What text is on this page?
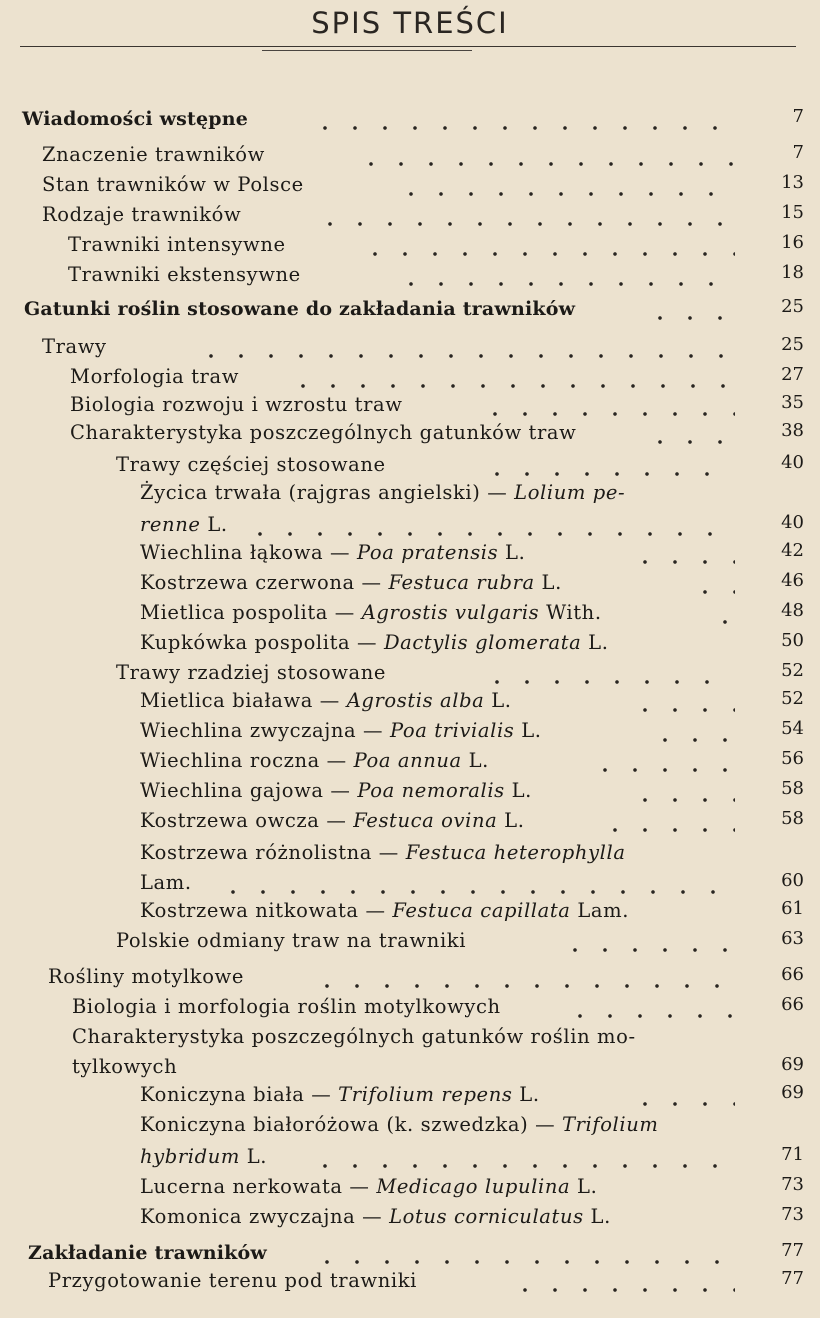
SPIS TREŚCI
Wiadomości wstępne	7
Znaczenie trawników	7
Stan trawników w Polsce	13
Rodzaje trawników	15
Trawniki intensywne	16
Trawniki ekstensywne	18
Gatunki roślin stosowane do zakładania trawników	25
Trawy	25
Morfologia traw	27
Biologia rozwoju i wzrostu traw	35
Charakterystyka poszczególnych gatunków traw	38
Trawy częściej stosowane	40
Życica trwała (rajgras angielski) — Lolium pe-
renne L.	40
Wiechlina łąkowa — Poa pratensis L.	42
Kostrzewa czerwona — Festuca rubra L.	46
Mietlica pospolita — Agrostis vulgaris With.	48
Kupkówka pospolita — Dactylis glomerata L.	50
Trawy rzadziej stosowane	52
Mietlica biaława — Agrostis alba L.	52
Wiechlina zwyczajna — Poa trivialis L.	54
Wiechlina roczna — Poa annua L.	56
Wiechlina gajowa — Poa nemoralis L.	58
Kostrzewa owcza — Festuca ovina L.	58
Kostrzewa różnolistna — Festuca heterophylla
Lam.	60
Kostrzewa nitkowata — Festuca capillata Lam.	61
Polskie odmiany traw na trawniki	63
Rośliny motylkowe	66
Biologia i morfologia roślin motylkowych	66
Charakterystyka poszczególnych gatunków roślin mo-
tylkowych	69
Koniczyna biała — Trifolium repens L.	69
Koniczyna białoróżowa (k. szwedzka) — Trifolium
hybridum L.	71
Lucerna nerkowata — Medicago lupulina L.	73
Komonica zwyczajna — Lotus corniculatus L.	73
Zakładanie trawników	77
Przygotowanie terenu pod trawniki	77
